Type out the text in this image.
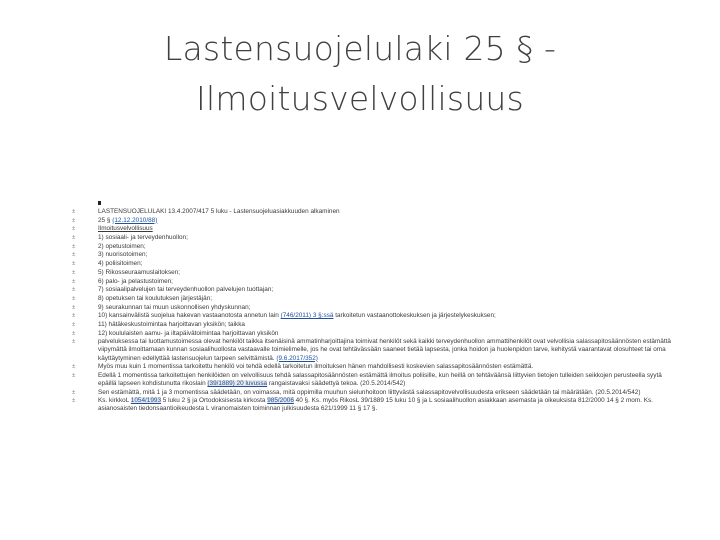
Lastensuojelulaki 25 § -
Ilmoitusvelvollisuus
± LASTENSUOJELULAKI 13.4.2007/417 5 luku - Lastensuojeluasiakkuuden alkaminen
± 25 § (12.12.2010/88)
± Ilmoitusvelvollisuus
± 1) sosiaali- ja terveydenhuollon;
± 2) opetustoimen;
± 3) nuorisotoimen;
± 4) poliisitoimen;
± 5) Rikosseuraamuslaitoksen;
± 6) palo- ja pelastustoimen;
± 7) sosiaalipalvelujen tai terveydenhuollon palvelujen tuottajan;
± 8) opetuksen tai koulutuksen järjestäjän;
± 9) seurakunnan tai muun uskonnollisen yhdyskunnan;
± 10) kansainvälistä suojelua hakevan vastaanotosta annetun lain (746/2011) 3 §:ssä tarkoitetun vastaanottokeskuksen ja järjestelykeskuksen;
± 11) hätäkeskustoimintaa harjoittavan yksikön; taikka
± 12) koululaisten aamu- ja iltapäivätoimintaa harjoittavan yksikön
± palveluksessa tai luottamustoimessa olevat henkilöt taikka itsenäisinä ammatinharjoittajina toimivat henkilöt sekä kaikki terveydenhuollon ammattihenkilöt ovat velvollisia salassapitosäännösten estämättä viipymättä ilmoittamaan kunnan sosiaalihuollosta vastaavalle toimielimelle, jos he ovat tehtävässään saaneet tietää lapsesta, jonka hoidon ja huolenpidon tarve, kehitystä vaarantavat olosuhteet tai oma käyttäytyminen edellyttää lastensuojelun tarpeen selvittämistä. (9.6.2017/352)
± Myös muu kuin 1 momentissa tarkoitettu henkilö voi tehdä edellä tarkoitetun ilmoituksen hänen mahdollisesti koskevien salassapitosäännösten estämättä.
± Edellä 1 momentissa tarkoitettujen henkilöiden on velvollisuus tehdä salassapitosäännösten estämättä ilmoitus poliisille, kun heillä on tehtäväänsä liittyvien tietojen tulleiden seikkojen perusteella syytä epäillä lapseen kohdistunutta rikoslain (39/1889) 20 luvussa rangaistavaksi säädettyä tekoa. (20.5.2014/542)
± Sen estämättä, mitä 1 ja 3 momentissa säädetään, on voimassa, mitä oppimilla muuhun sielunhoitoon liittyvästä salassapitovelvollisuudesta erikseen säädetään tai määrätään. (20.5.2014/542)
± Ks. kirkkoL 1054/1993 5 luku 2 § ja Ortodoksisesta kirkosta 985/2006 40 §. Ks. myös RikosL 39/1889 15 luku 10 § ja L sosiaalihuollon asiakkaan asemasta ja oikeuksista 812/2000 14 § 2 mom. Ks. asianosaisten tiedonsaantioikeudesta L viranomaisten toiminnan julkisuudesta 621/1999 11 § 17 §.
